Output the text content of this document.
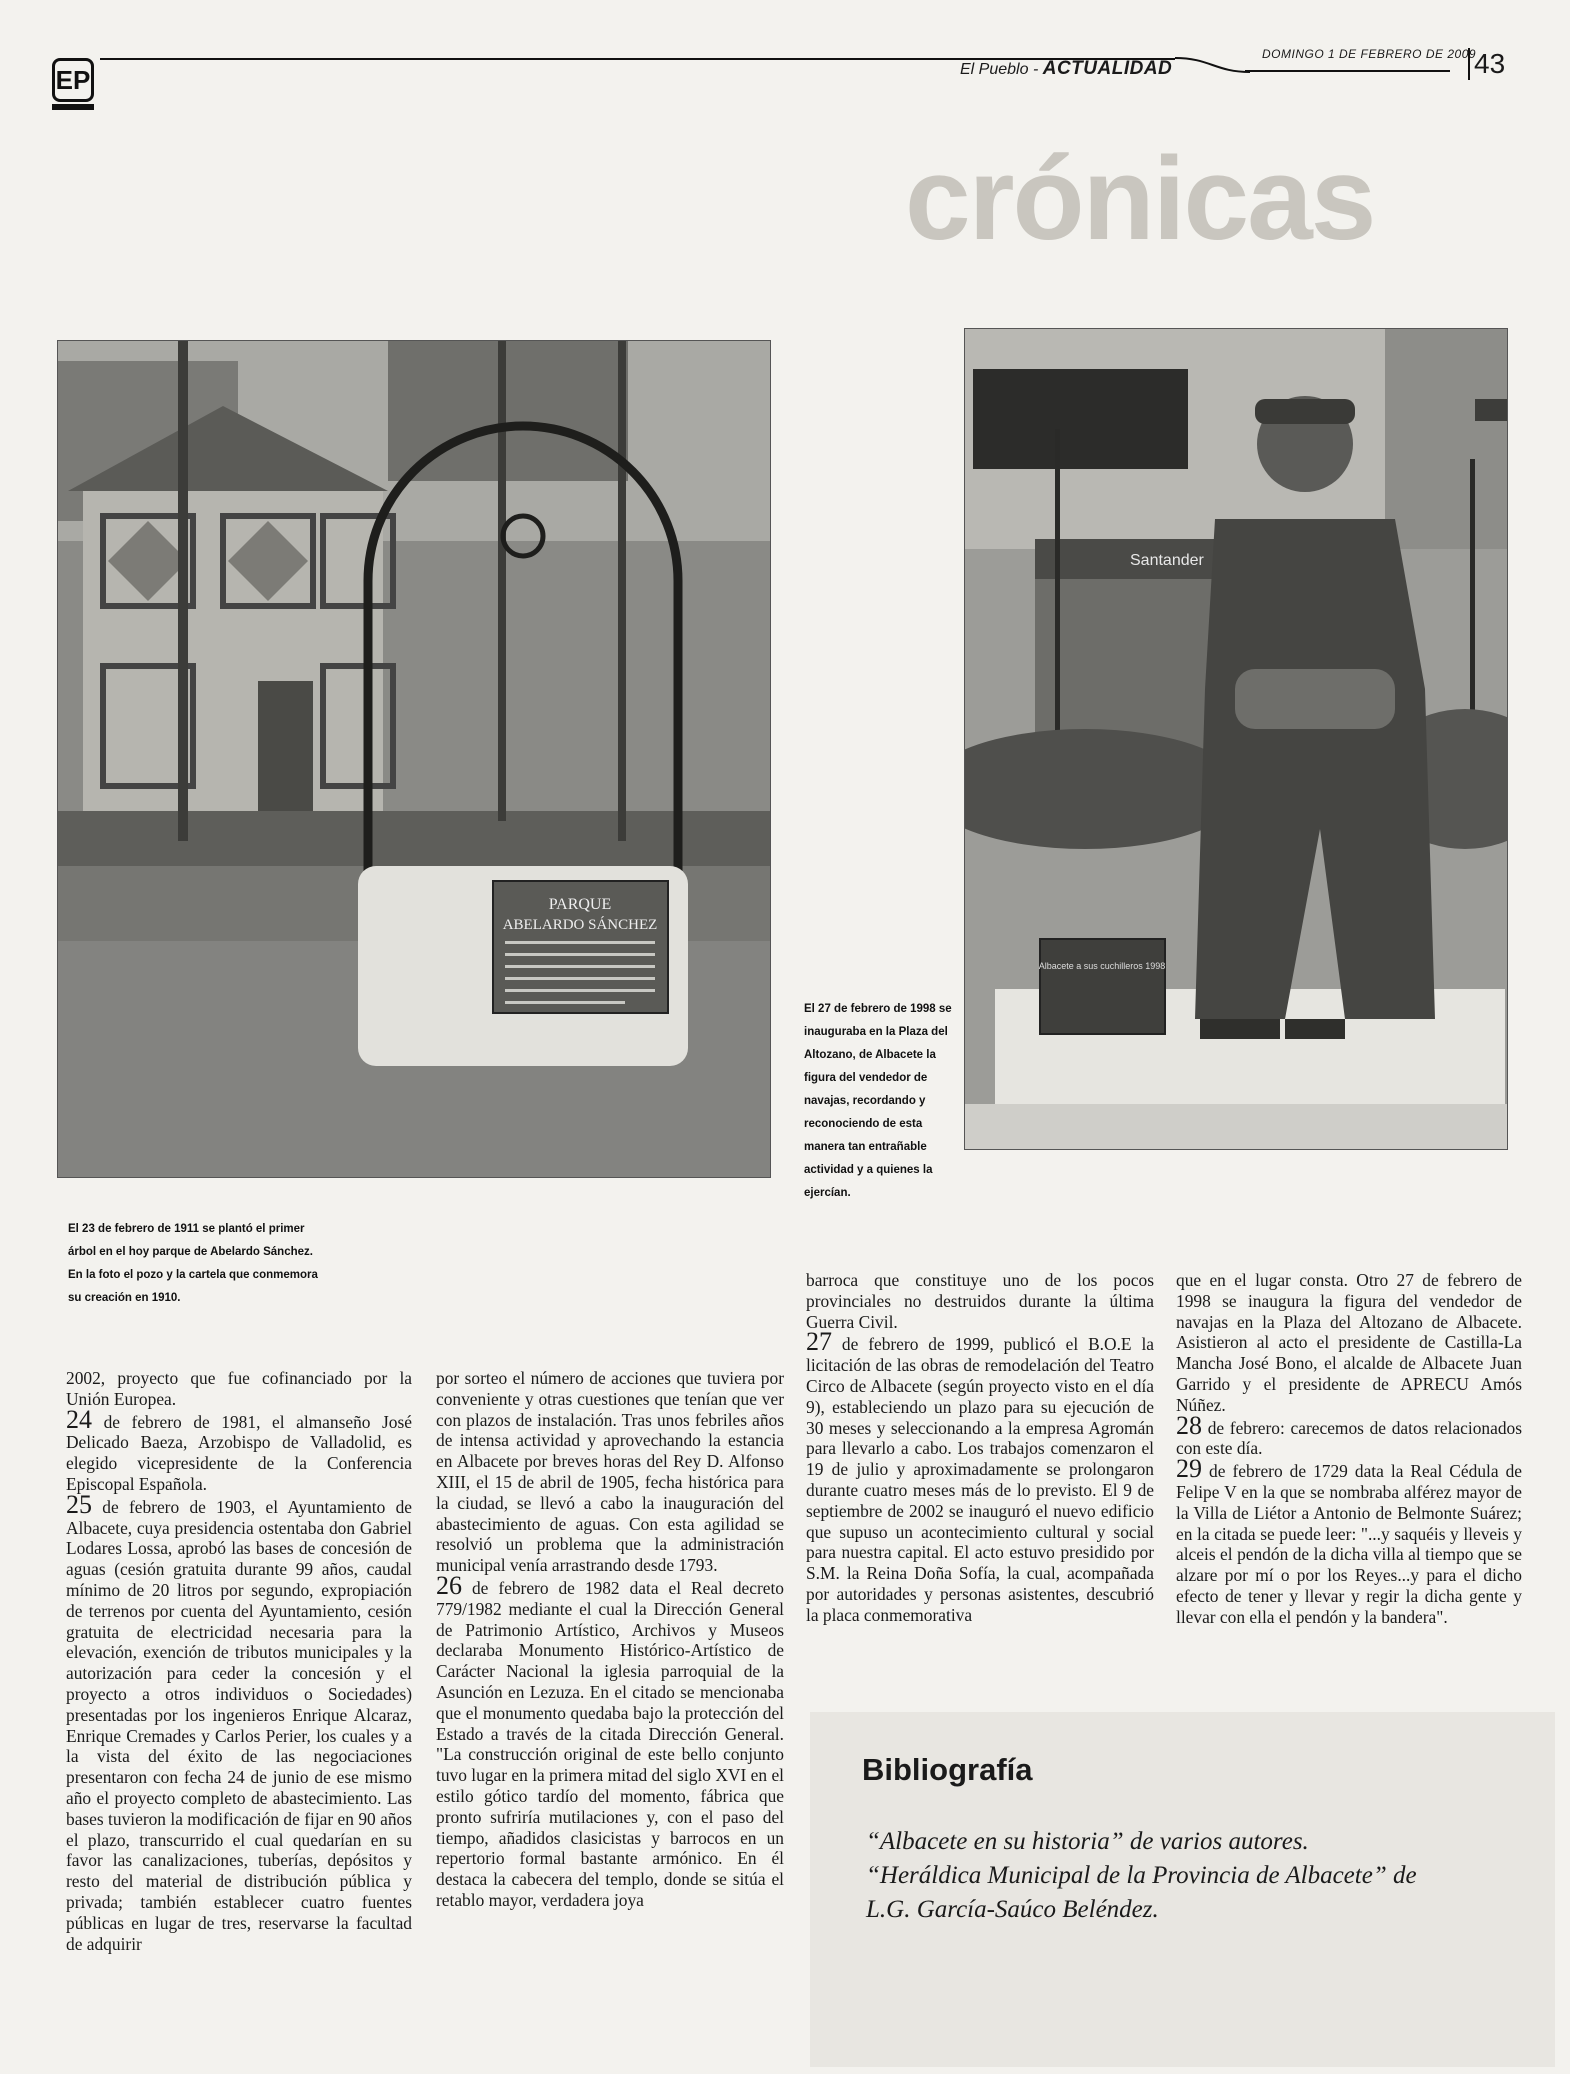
EP	El Pueblo - ACTUALIDAD
DOMINGO 1 DE FEBRERO DE 2009
43
crónicas
PARQUE
ABELARDO SÁNCHEZ
El 23 de febrero de 1911 se plantó el primer árbol en el hoy parque de Abelardo Sánchez. En la foto el pozo y la cartela que conmemora su creación en 1910.
Santander
Albacete a sus cuchilleros 1998
El 27 de febrero de 1998 se inauguraba en la Plaza del Altozano, de Albacete la figura del vendedor de navajas, recordando y reconociendo de esta manera tan entrañable actividad y a quienes la ejercían.

2002, proyecto que fue cofinanciado por la Unión Europea.

24 de febrero de 1981, el almanseño José Delicado Baeza, Arzobispo de Valladolid, es elegido vicepresidente de la Conferencia Episcopal Española.

25 de febrero de 1903, el Ayuntamiento de Albacete, cuya presidencia ostentaba don Gabriel Lodares Lossa, aprobó las bases de concesión de aguas (cesión gratuita durante 99 años, caudal mínimo de 20 litros por segundo, expropiación de terrenos por cuenta del Ayuntamiento, cesión gratuita de electricidad necesaria para la elevación, exención de tributos municipales y la autorización para ceder la concesión y el proyecto a otros individuos o Sociedades) presentadas por los ingenieros Enrique Alcaraz, Enrique Cremades y Carlos Perier, los cuales y a la vista del éxito de las negociaciones presentaron con fecha 24 de junio de ese mismo año el proyecto completo de abastecimiento. Las bases tuvieron la modificación de fijar en 90 años el plazo, transcurrido el cual quedarían en su favor las canalizaciones, tuberías, depósitos y resto del material de distribución pública y privada; también establecer cuatro fuentes públicas en lugar de tres, reservarse la facultad de adquirir

por sorteo el número de acciones que tuviera por conveniente y otras cuestiones que tenían que ver con plazos de instalación. Tras unos febriles años de intensa actividad y aprovechando la estancia en Albacete por breves horas del Rey D. Alfonso XIII, el 15 de abril de 1905, fecha histórica para la ciudad, se llevó a cabo la inauguración del abastecimiento de aguas. Con esta agilidad se resolvió un problema que la administración municipal venía arrastrando desde 1793.

26 de febrero de 1982 data el Real decreto 779/1982 mediante el cual la Dirección General de Patrimonio Artístico, Archivos y Museos declaraba Monumento Histórico-Artístico de Carácter Nacional la iglesia parroquial de la Asunción en Lezuza. En el citado se mencionaba que el monumento quedaba bajo la protección del Estado a través de la citada Dirección General. "La construcción original de este bello conjunto tuvo lugar en la primera mitad del siglo XVI en el estilo gótico tardío del momento, fábrica que pronto sufriría mutilaciones y, con el paso del tiempo, añadidos clasicistas y barrocos en un repertorio formal bastante armónico. En él destaca la cabecera del templo, donde se sitúa el retablo mayor, verdadera joya

barroca que constituye uno de los pocos provinciales no destruidos durante la última Guerra Civil.

27 de febrero de 1999, publicó el B.O.E la licitación de las obras de remodelación del Teatro Circo de Albacete (según proyecto visto en el día 9), estableciendo un plazo para su ejecución de 30 meses y seleccionando a la empresa Agromán para llevarlo a cabo. Los trabajos comenzaron el 19 de julio y aproximadamente se prolongaron durante cuatro meses más de lo previsto. El 9 de septiembre de 2002 se inauguró el nuevo edificio que supuso un acontecimiento cultural y social para nuestra capital. El acto estuvo presidido por S.M. la Reina Doña Sofía, la cual, acompañada por autoridades y personas asistentes, descubrió la placa conmemorativa

que en el lugar consta. Otro 27 de febrero de 1998 se inaugura la figura del vendedor de navajas en la Plaza del Altozano de Albacete. Asistieron al acto el presidente de Castilla-La Mancha José Bono, el alcalde de Albacete Juan Garrido y el presidente de APRECU Amós Núñez.

28 de febrero: carecemos de datos relacionados con este día.

29 de febrero de 1729 data la Real Cédula de Felipe V en la que se nombraba alférez mayor de la Villa de Liétor a Antonio de Belmonte Suárez; en la citada se puede leer: "...y saquéis y lleveis y alceis el pendón de la dicha villa al tiempo que se alzare por mí o por los Reyes...y para el dicho efecto de tener y llevar y regir la dicha gente y llevar con ella el pendón y la bandera".

Bibliografía
“Albacete en su historia” de varios autores.
“Heráldica Municipal de la Provincia de Albacete” de
L.G. García-Saúco Beléndez.
